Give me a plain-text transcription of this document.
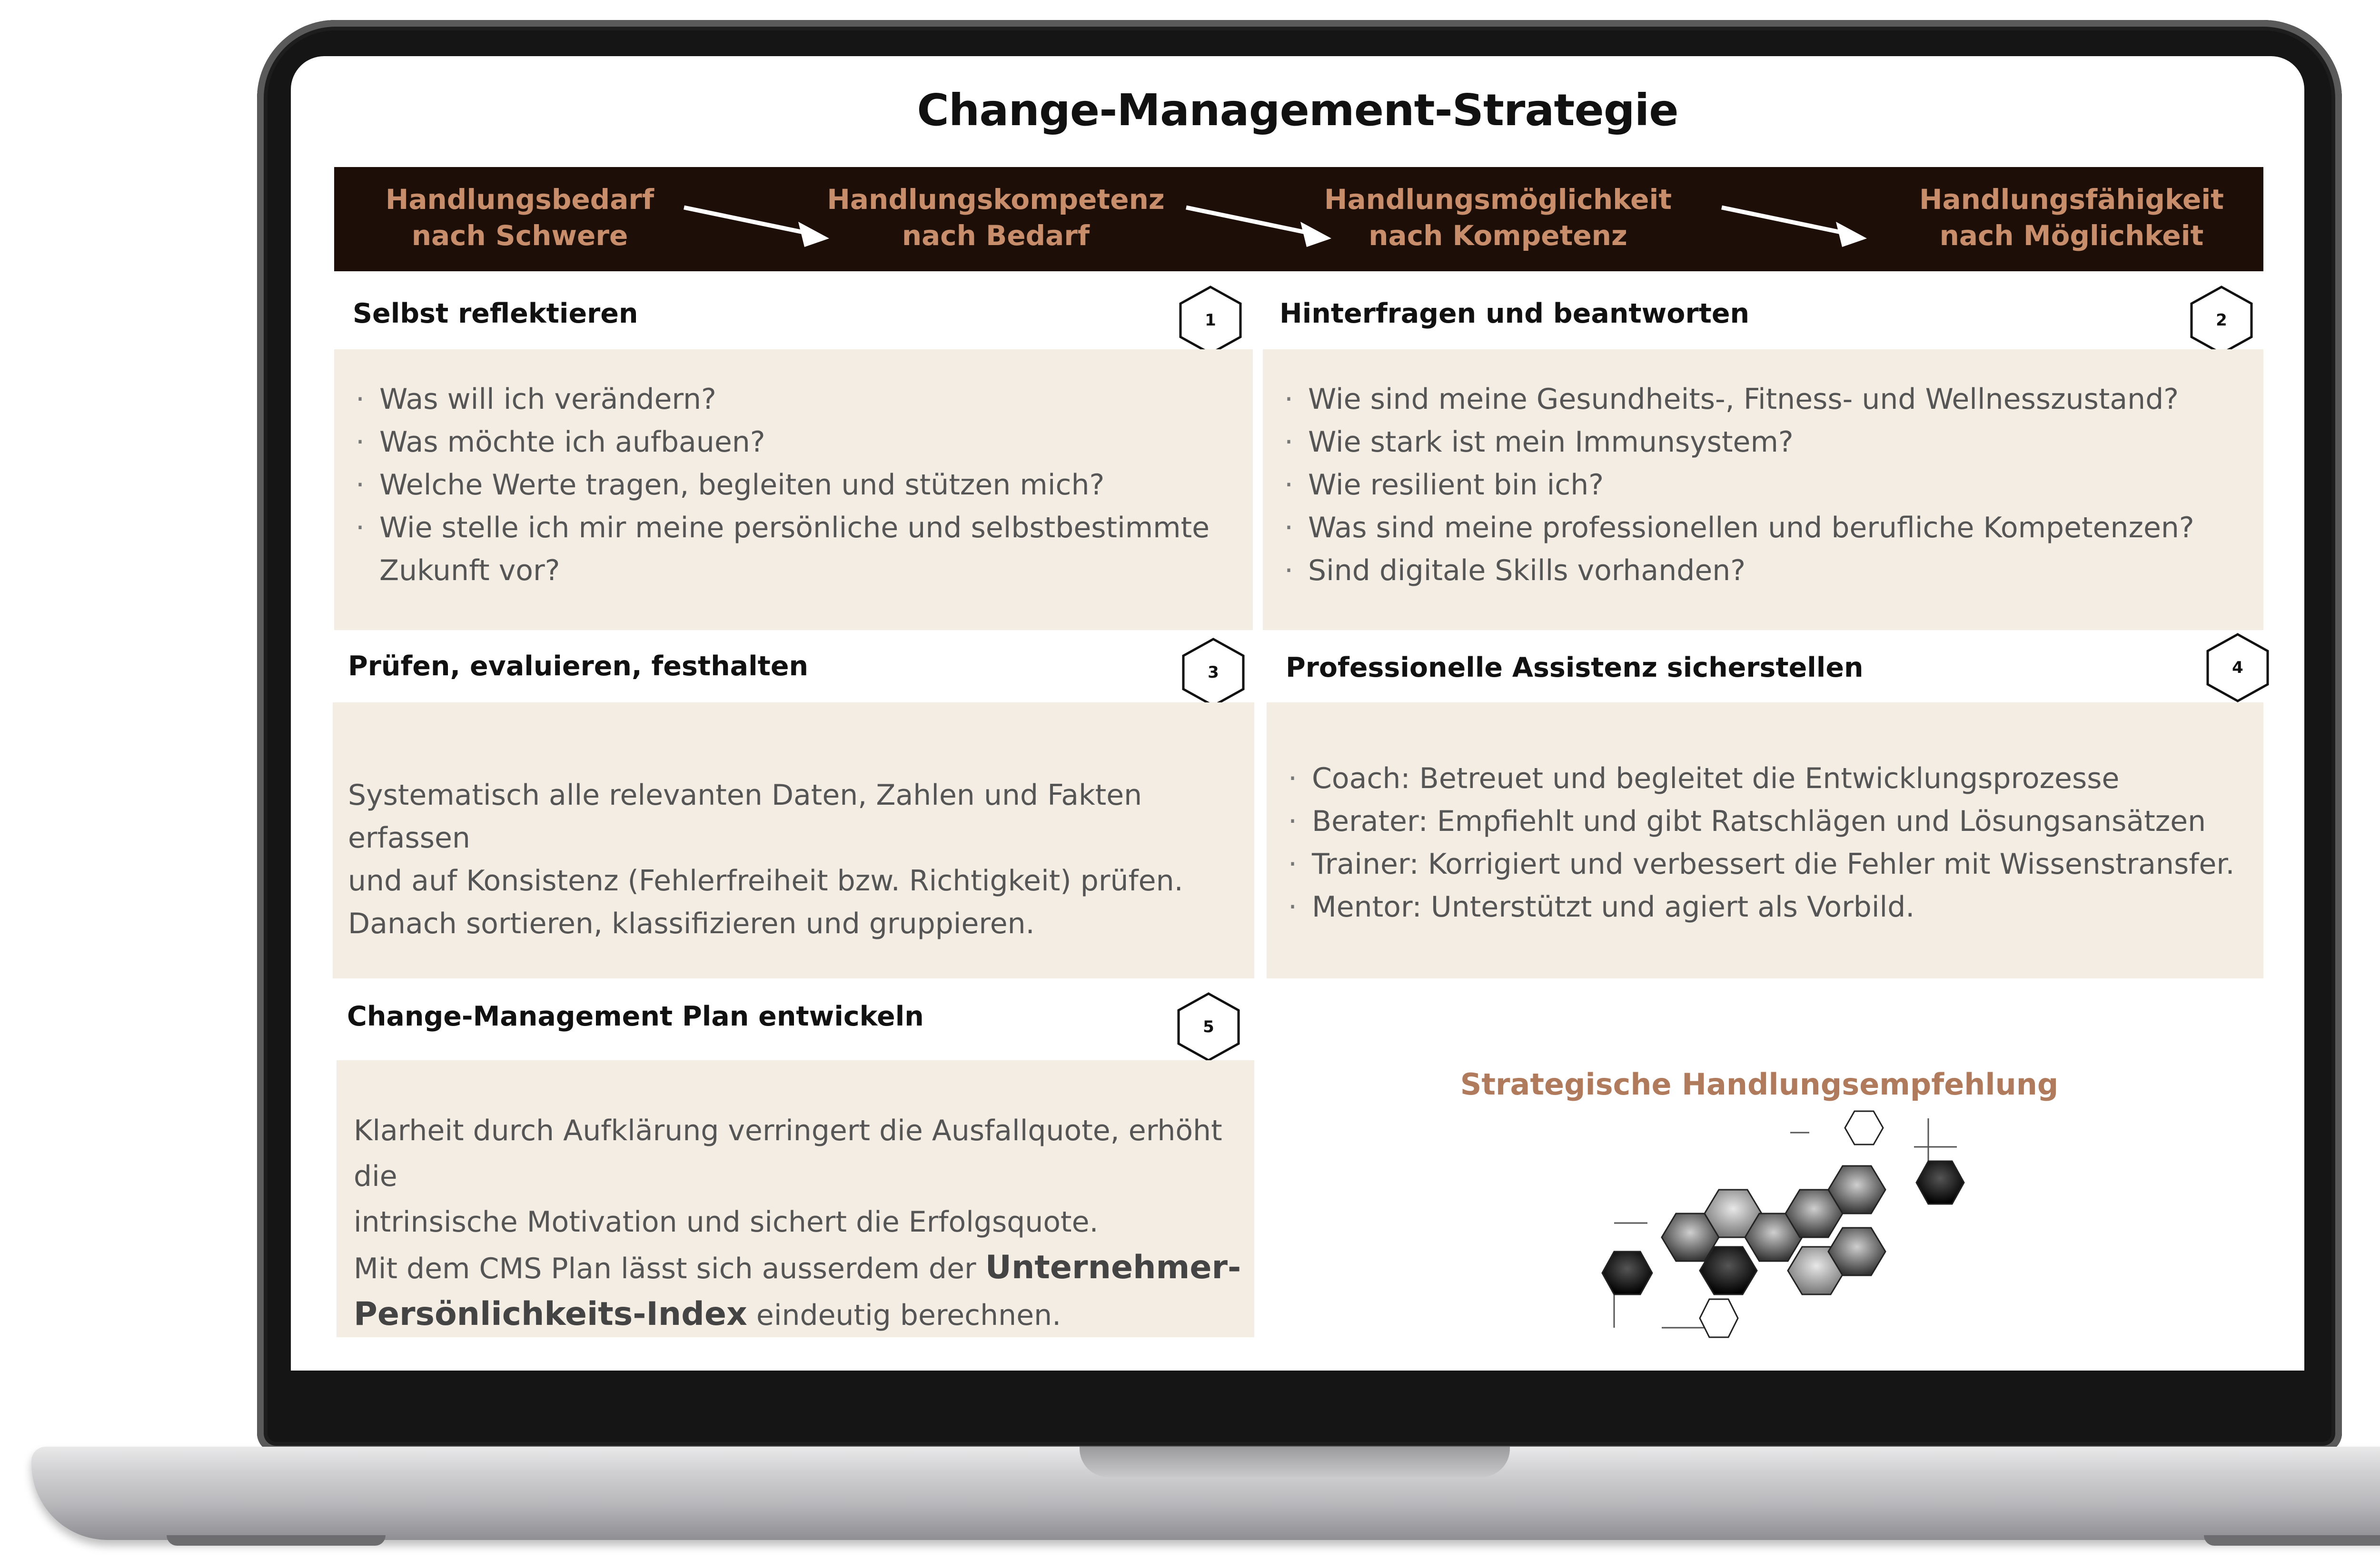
Change-Management-Strategie
Handlungsbedarf
nach Schwere
Handlungskompetenz
nach Bedarf
Handlungsmöglichkeit
nach Kompetenz
Handlungsfähigkeit
nach Möglichkeit
Selbst reflektieren	1
· Was will ich verändern?
· Was möchte ich aufbauen?
· Welche Werte tragen, begleiten und stützen mich?
· Wie stelle ich mir meine persönliche und selbstbestimmte Zukunft vor?
Hinterfragen und beantworten	2
· Wie sind meine Gesundheits-, Fitness- und Wellnesszustand?
· Wie stark ist mein Immunsystem?
· Wie resilient bin ich?
· Was sind meine professionellen und berufliche Kompetenzen?
· Sind digitale Skills vorhanden?
Prüfen, evaluieren, festhalten	3
Systematisch alle relevanten Daten, Zahlen und Fakten erfassen
und auf Konsistenz (Fehlerfreiheit bzw. Richtigkeit) prüfen.
Danach sortieren, klassifizieren und gruppieren.
Professionelle Assistenz sicherstellen	4
· Coach: Betreuet und begleitet die Entwicklungsprozesse
· Berater: Empfiehlt und gibt Ratschlägen und Lösungsansätzen
· Trainer: Korrigiert und verbessert die Fehler mit Wissenstransfer.
· Mentor: Unterstützt und agiert als Vorbild.
Change-Management Plan entwickeln	5
Klarheit durch Aufklärung verringert die Ausfallquote, erhöht die
intrinsische Motivation und sichert die Erfolgsquote.
Mit dem CMS Plan lässt sich ausserdem der Unternehmer-
Persönlichkeits-Index eindeutig berechnen.
Strategische Handlungsempfehlung
